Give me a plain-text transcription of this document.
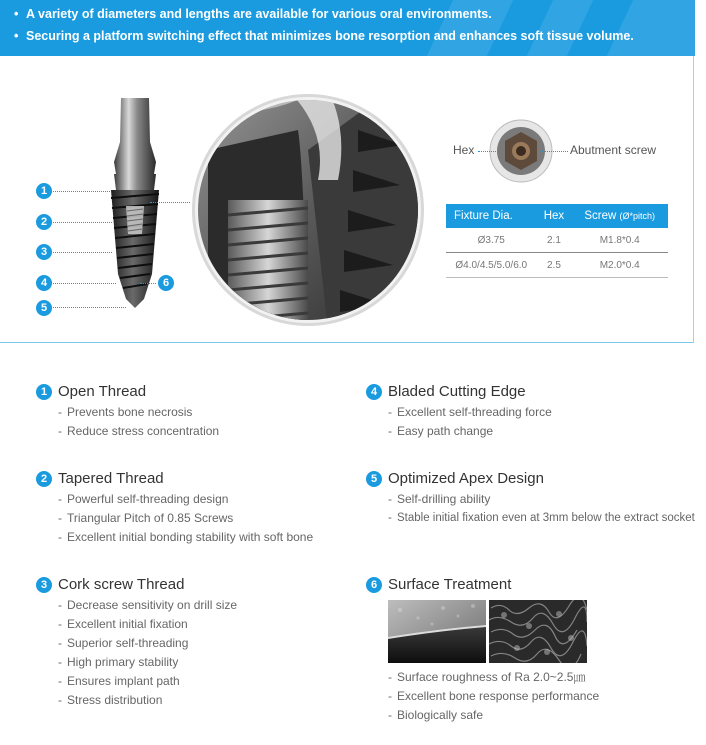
• A variety of diameters and lengths are available for various oral environments.
• Securing a platform switching effect that minimizes bone resorption and enhances soft tissue volume.
1
2
3
4
5
6
Hex	Abutment screw
Fixture Dia.	Hex	Screw (Ø*pitch)
Ø3.75	2.1	M1.8*0.4
Ø4.0/4.5/5.0/6.0	2.5	M2.0*0.4
1 Open Thread
- Prevents bone necrosis
- Reduce stress concentration
2 Tapered Thread
- Powerful self-threading design
- Triangular Pitch of 0.85 Screws
- Excellent initial bonding stability with soft bone
3 Cork screw Thread
- Decrease sensitivity on drill size
- Excellent initial fixation
- Superior self-threading
- High primary stability
- Ensures implant path
- Stress distribution
4 Bladed Cutting Edge
- Excellent self-threading force
- Easy path change
5 Optimized Apex Design
- Self-drilling ability
- Stable initial fixation even at 3mm below the extract socket
6 Surface Treatment
- Surface roughness of Ra 2.0~2.5㎛
- Excellent bone response performance
- Biologically safe
